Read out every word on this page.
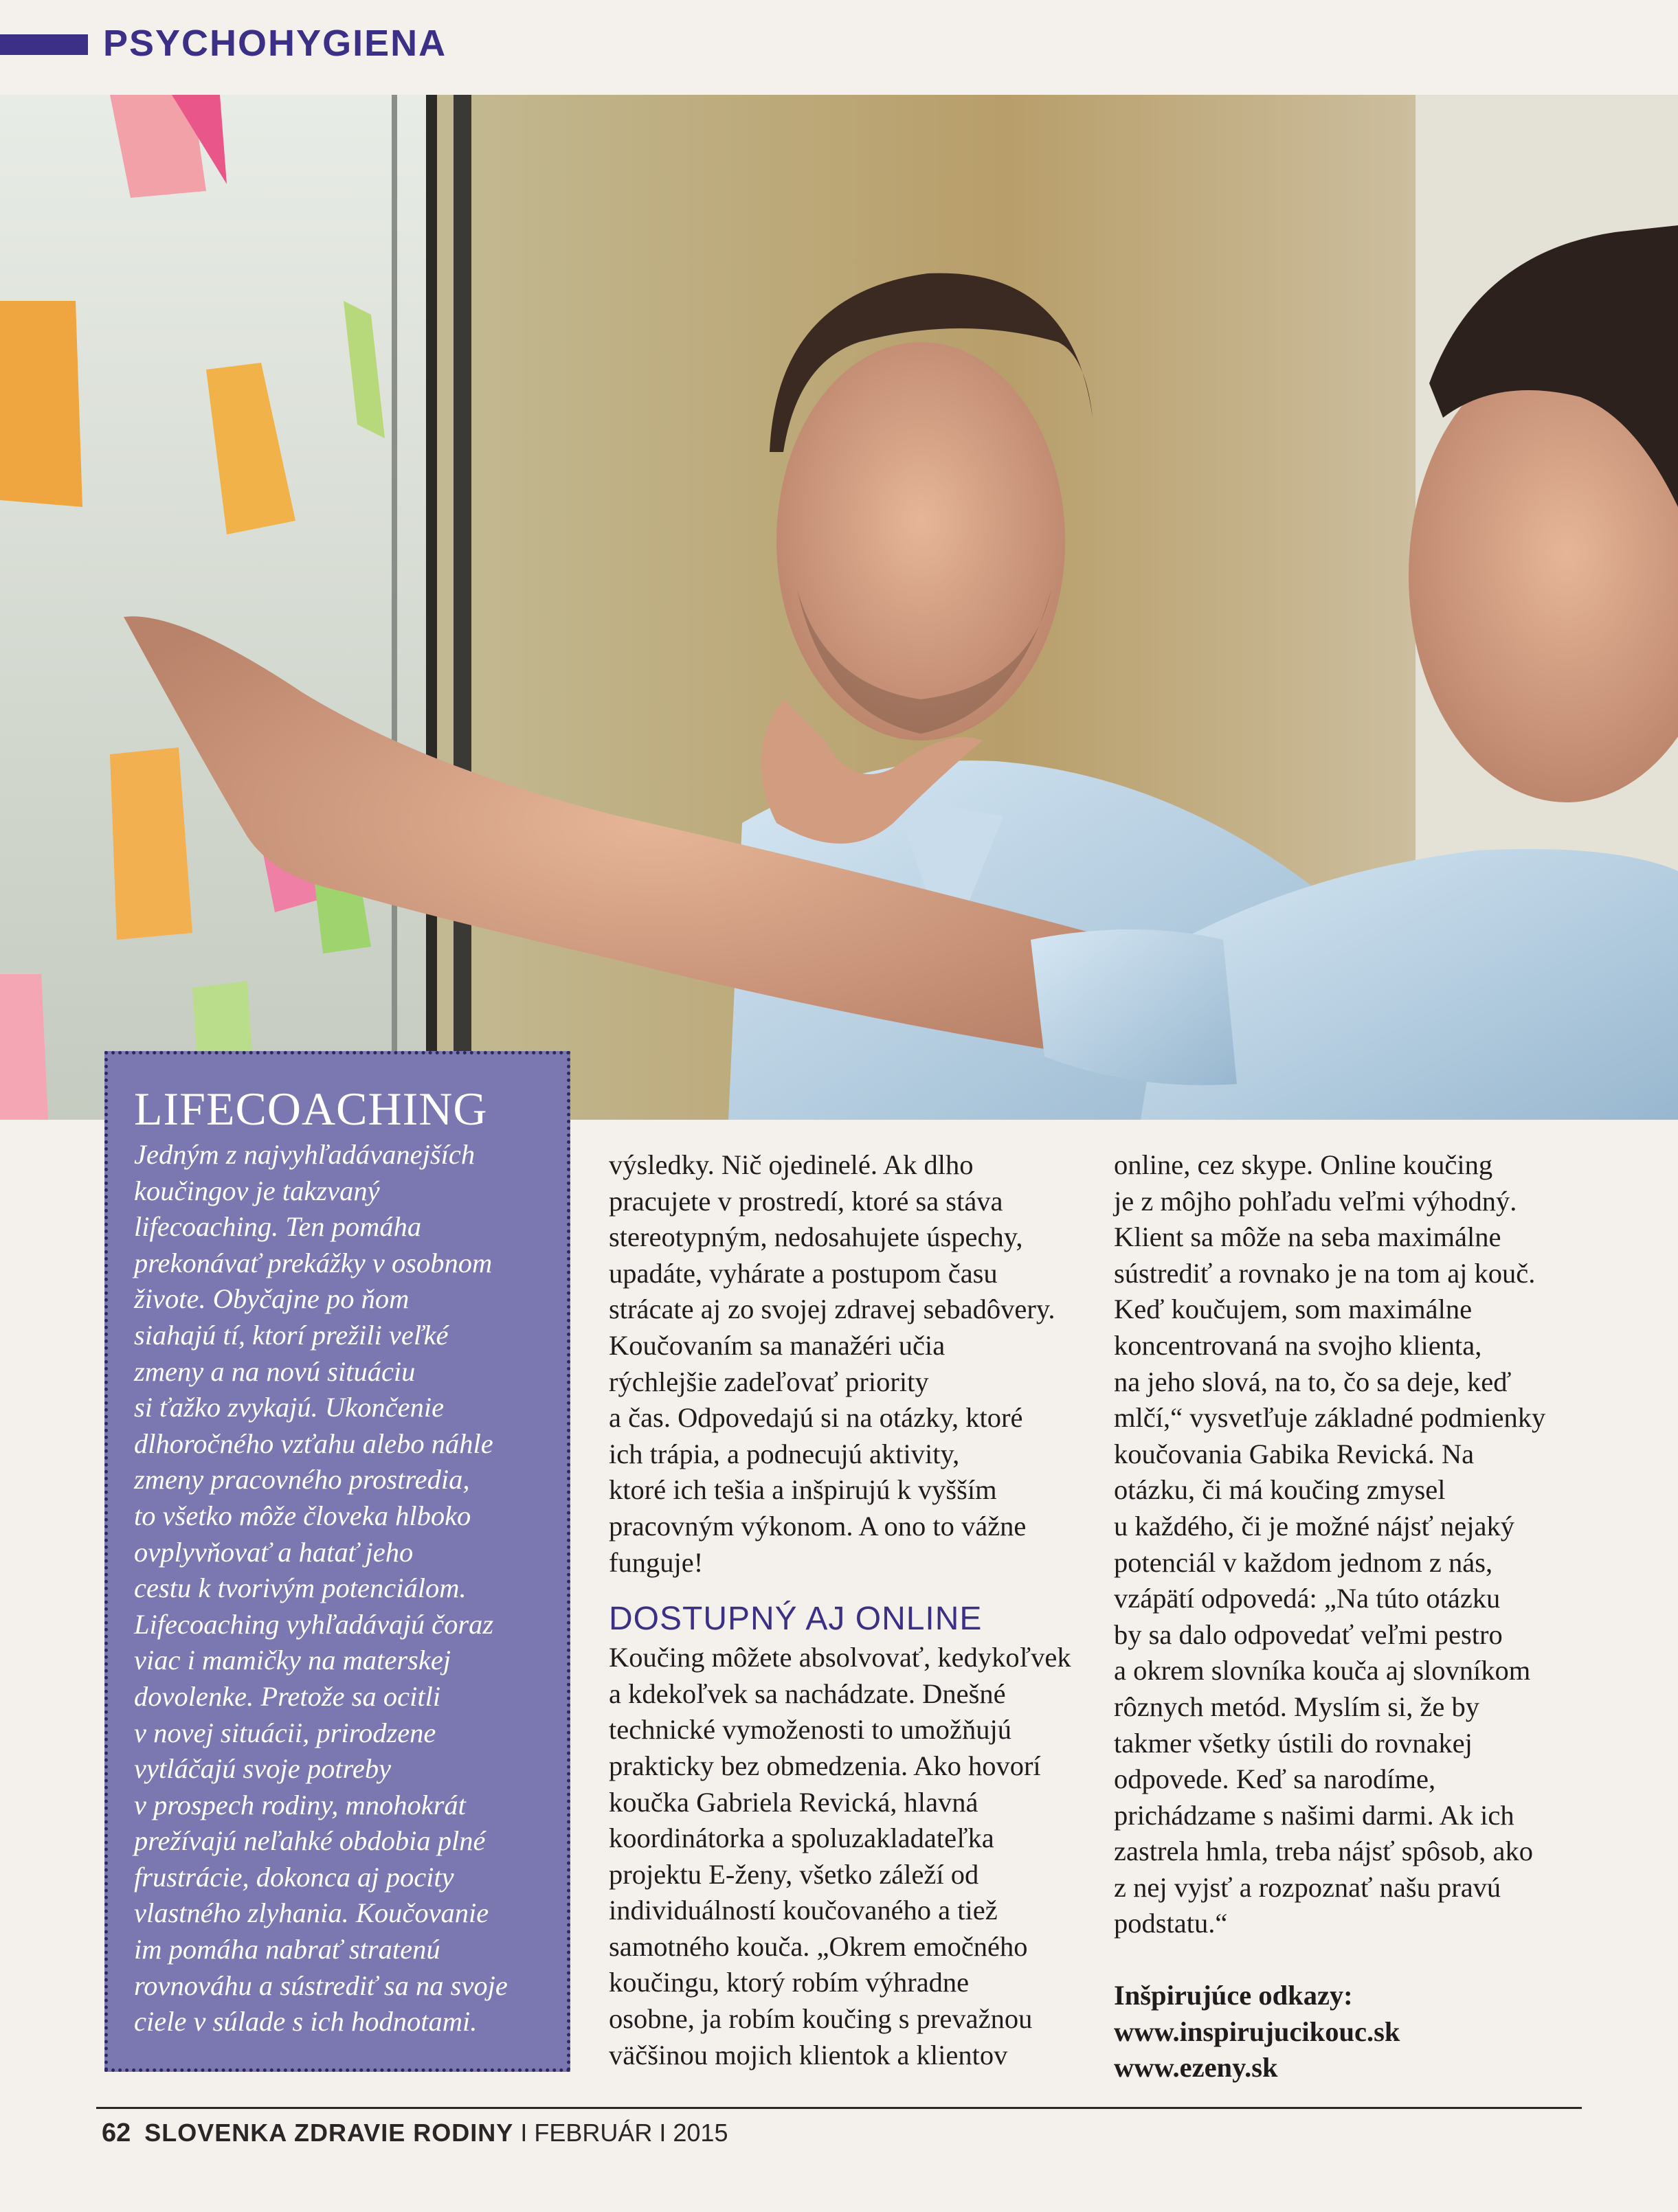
PSYCHOHYGIENA
LIFECOACHING
Jedným z najvyhľadávanejších
koučingov je takzvaný
lifecoaching. Ten pomáha
prekonávať prekážky v osobnom
živote. Obyčajne po ňom
siahajú tí, ktorí prežili veľké
zmeny a na novú situáciu
si ťažko zvykajú. Ukončenie
dlhoročného vzťahu alebo náhle
zmeny pracovného prostredia,
to všetko môže človeka hlboko
ovplyvňovať a hatať jeho
cestu k tvorivým potenciálom.
Lifecoaching vyhľadávajú čoraz
viac i mamičky na materskej
dovolenke. Pretože sa ocitli
v novej situácii, prirodzene
vytláčajú svoje potreby
v prospech rodiny, mnohokrát
prežívajú neľahké obdobia plné
frustrácie, dokonca aj pocity
vlastného zlyhania. Koučovanie
im pomáha nabrať stratenú
rovnováhu a sústrediť sa na svoje
ciele v súlade s ich hodnotami.
výsledky. Nič ojedinelé. Ak dlho
pracujete v prostredí, ktoré sa stáva
stereotypným, nedosahujete úspechy,
upadáte, vyhárate a postupom času
strácate aj zo svojej zdravej sebadôvery.
Koučovaním sa manažéri učia
rýchlejšie zadeľovať priority
a čas. Odpovedajú si na otázky, ktoré
ich trápia, a podnecujú aktivity,
ktoré ich tešia a inšpirujú k vyšším
pracovným výkonom. A ono to vážne
funguje!
DOSTUPNÝ AJ ONLINE
Koučing môžete absolvovať, kedykoľvek
a kdekoľvek sa nachádzate. Dnešné
technické vymoženosti to umožňujú
prakticky bez obmedzenia. Ako hovorí
koučka Gabriela Revická, hlavná
koordinátorka a spoluzakladateľka
projektu E-ženy, všetko záleží od
individuálností koučovaného a tiež
samotného kouča. „Okrem emočného
koučingu, ktorý robím výhradne
osobne, ja robím koučing s prevažnou
väčšinou mojich klientok a klientov
online, cez skype. Online koučing
je z môjho pohľadu veľmi výhodný.
Klient sa môže na seba maximálne
sústrediť a rovnako je na tom aj kouč.
Keď koučujem, som maximálne
koncentrovaná na svojho klienta,
na jeho slová, na to, čo sa deje, keď
mlčí,“ vysvetľuje základné podmienky
koučovania Gabika Revická. Na
otázku, či má koučing zmysel
u každého, či je možné nájsť nejaký
potenciál v každom jednom z nás,
vzápätí odpovedá: „Na túto otázku
by sa dalo odpovedať veľmi pestro
a okrem slovníka kouča aj slovníkom
rôznych metód. Myslím si, že by
takmer všetky ústili do rovnakej
odpovede. Keď sa narodíme,
prichádzame s našimi darmi. Ak ich
zastrela hmla, treba nájsť spôsob, ako
z nej vyjsť a rozpoznať našu pravú
podstatu.“
Inšpirujúce odkazy:
www.inspirujucikouc.sk
www.ezeny.sk
62 SLOVENKA ZDRAVIE RODINY I FEBRUÁR I 2015
